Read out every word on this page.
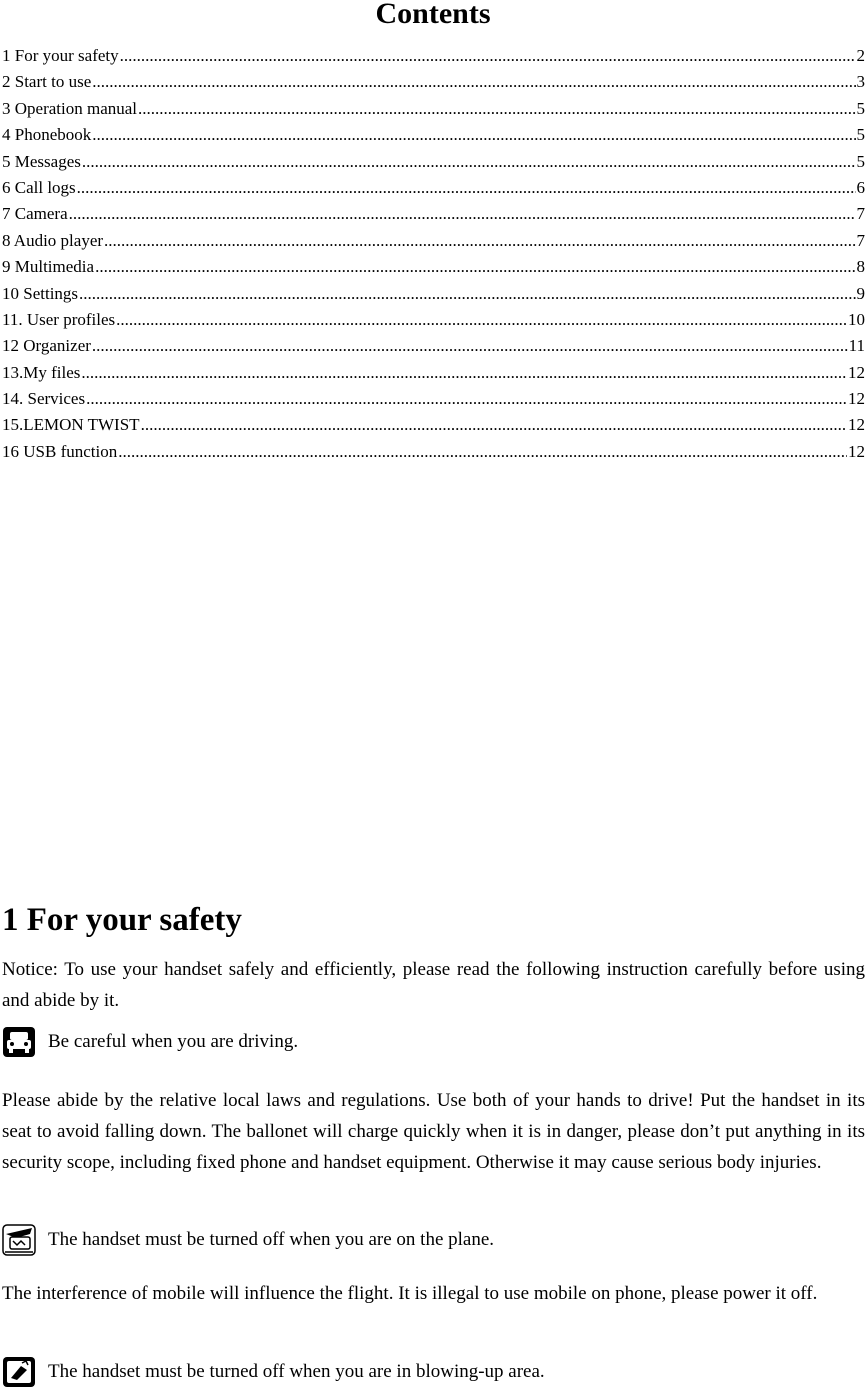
Contents
1 For your safety .....	2
2 Start to use .....	3
3 Operation manual .....	5
4 Phonebook .....	5
5 Messages .....	5
6 Call logs .....	6
7 Camera .....	7
8 Audio player .....	7
9 Multimedia .....	8
10 Settings .....	9
11. User profiles .....	10
12 Organizer .....	11
13.My files .....	12
14. Services .....	12
15.LEMON TWIST .....	12
16 USB function .....	12
1 For your safety
Notice: To use your handset safely and efficiently, please read the following instruction carefully before using and abide by it.
Be careful when you are driving.
Please abide by the relative local laws and regulations. Use both of your hands to drive! Put the handset in its seat to avoid falling down. The ballonet will charge quickly when it is in danger, please don’t put anything in its security scope, including fixed phone and handset equipment. Otherwise it may cause serious body injuries.
The handset must be turned off when you are on the plane.
The interference of mobile will influence the flight. It is illegal to use mobile on phone, please power it off.
The handset must be turned off when you are in blowing-up area.
